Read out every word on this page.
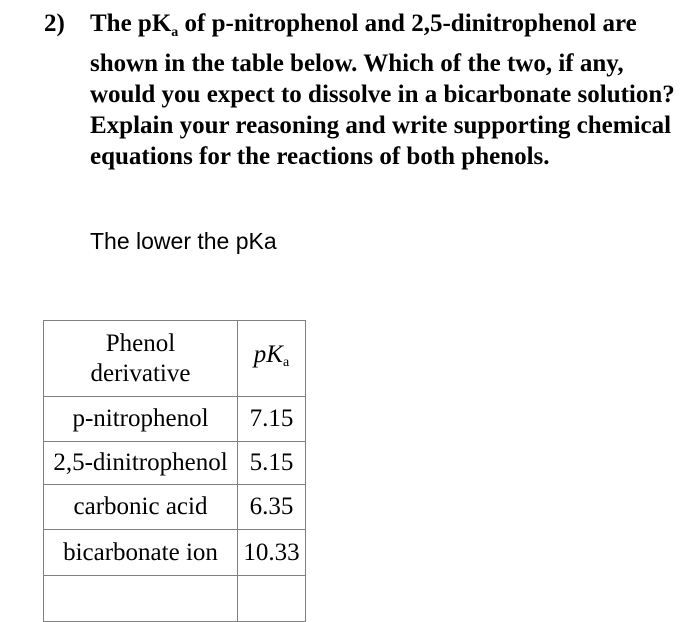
2) The $pK_a$ of p-nitrophenol and 2,5-dinitrophenol are shown in the table below. Which of the two, if any, would you expect to dissolve in a bicarbonate solution? Explain your reasoning and write supporting chemical equations for the reactions of both phenols.
The lower the pKa
Phenol
derivative	pKa
p-nitrophenol	7.15
2,5-dinitrophenol	5.15
carbonic acid	6.35
bicarbonate ion	10.33
